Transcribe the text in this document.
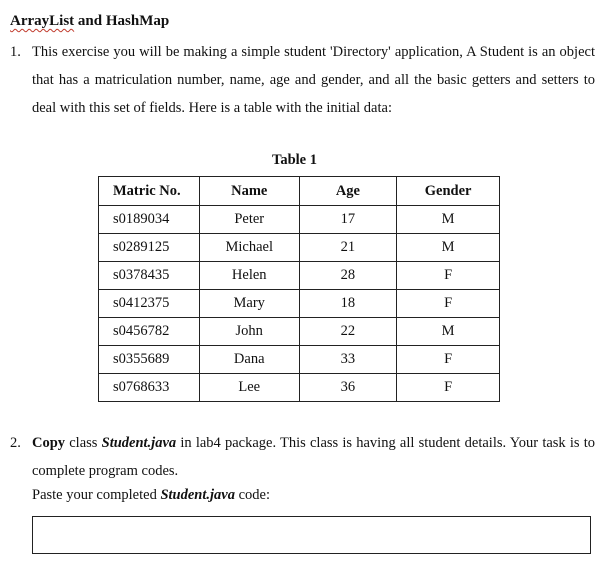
ArrayList and HashMap
1. This exercise you will be making a simple student 'Directory' application, A Student is an object that has a matriculation number, name, age and gender, and all the basic getters and setters to deal with this set of fields. Here is a table with the initial data:
Table 1
Matric No.	Name	Age	Gender
s0189034	Peter	17	M
s0289125	Michael	21	M
s0378435	Helen	28	F
s0412375	Mary	18	F
s0456782	John	22	M
s0355689	Dana	33	F
s0768633	Lee	36	F
2. Copy class Student.java in lab4 package. This class is having all student details. Your task is to complete program codes.
Paste your completed Student.java code:
